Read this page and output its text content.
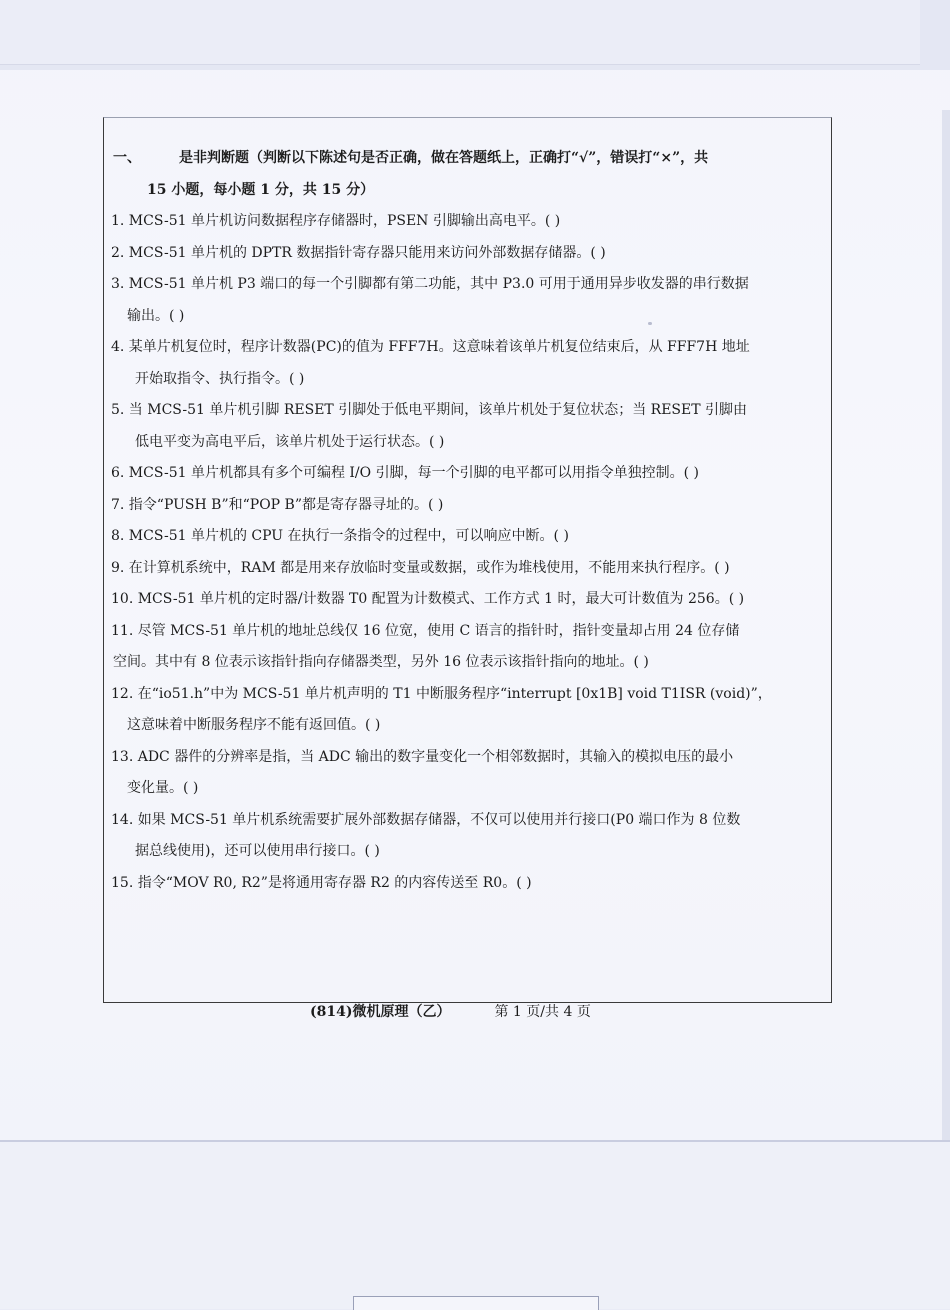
一、	是非判断题（判断以下陈述句是否正确，做在答题纸上，正确打“√”，错误打“×”，共
15 小题，每小题 1 分，共 15 分）
1. MCS-51 单片机访问数据程序存储器时，PSEN 引脚输出高电平。( )
2. MCS-51 单片机的 DPTR 数据指针寄存器只能用来访问外部数据存储器。( )
3. MCS-51 单片机 P3 端口的每一个引脚都有第二功能，其中 P3.0 可用于通用异步收发器的串行数据
输出。( )
4. 某单片机复位时，程序计数器(PC)的值为 FFF7H。这意味着该单片机复位结束后，从 FFF7H 地址
开始取指令、执行指令。( )
5. 当 MCS-51 单片机引脚 RESET 引脚处于低电平期间，该单片机处于复位状态；当 RESET 引脚由
低电平变为高电平后，该单片机处于运行状态。( )
6. MCS-51 单片机都具有多个可编程 I/O 引脚，每一个引脚的电平都可以用指令单独控制。( )
7. 指令“PUSH B”和“POP B”都是寄存器寻址的。( )
8. MCS-51 单片机的 CPU 在执行一条指令的过程中，可以响应中断。( )
9. 在计算机系统中，RAM 都是用来存放临时变量或数据，或作为堆栈使用，不能用来执行程序。( )
10. MCS-51 单片机的定时器/计数器 T0 配置为计数模式、工作方式 1 时，最大可计数值为 256。( )
11. 尽管 MCS-51 单片机的地址总线仅 16 位宽，使用 C 语言的指针时，指针变量却占用 24 位存储
空间。其中有 8 位表示该指针指向存储器类型，另外 16 位表示该指针指向的地址。( )
12. 在“io51.h”中为 MCS-51 单片机声明的 T1 中断服务程序“interrupt [0x1B] void T1ISR (void)”，
这意味着中断服务程序不能有返回值。( )
13. ADC 器件的分辨率是指，当 ADC 输出的数字量变化一个相邻数据时，其输入的模拟电压的最小
变化量。( )
14. 如果 MCS-51 单片机系统需要扩展外部数据存储器，不仅可以使用并行接口(P0 端口作为 8 位数
据总线使用)，还可以使用串行接口。( )
15. 指令“MOV R0, R2”是将通用寄存器 R2 的内容传送至 R0。( )
(814)微机原理（乙）	第 1 页/共 4 页
